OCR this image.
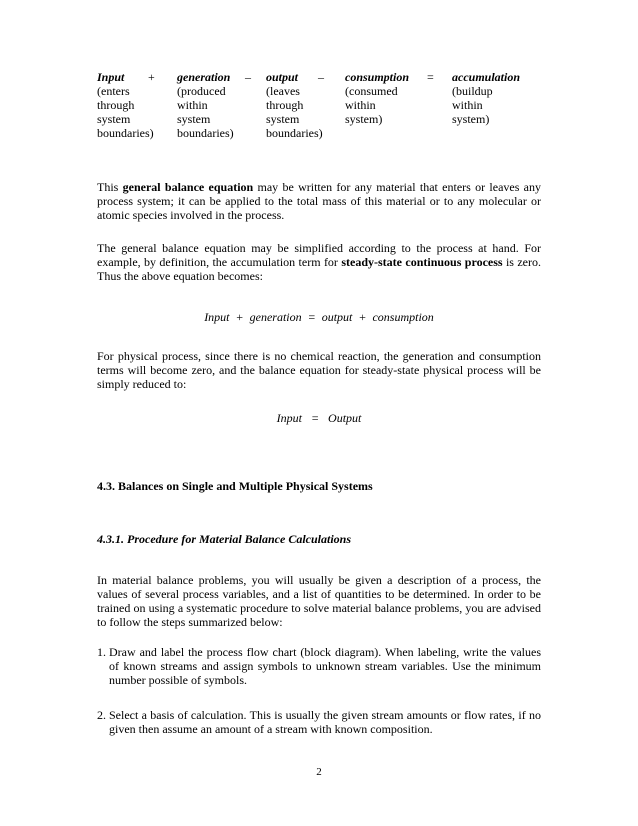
Input
(enters
through
system
boundaries)
+ generation
(produced
within
system
boundaries)
– output
(leaves
through
system
boundaries)
– consumption
(consumed
within
system)
= accumulation
(buildup
within
system)

This general balance equation may be written for any material that enters or leaves any process system; it can be applied to the total mass of this material or to any molecular or atomic species involved in the process.

The general balance equation may be simplified according to the process at hand. For example, by definition, the accumulation term for steady-state continuous process is zero. Thus the above equation becomes:

Input  +  generation  =  output  +  consumption

For physical process, since there is no chemical reaction, the generation and consumption terms will become zero, and the balance equation for steady-state physical process will be simply reduced to:

Input   =   Output
4.3. Balances on Single and Multiple Physical Systems
4.3.1. Procedure for Material Balance Calculations

In material balance problems, you will usually be given a description of a process, the values of several process variables, and a list of quantities to be determined. In order to be trained on using a systematic procedure to solve material balance problems, you are advised to follow the steps summarized below:

1. Draw and label the process flow chart (block diagram). When labeling, write the values of known streams and assign symbols to unknown stream variables. Use the minimum number possible of symbols.
2. Select a basis of calculation. This is usually the given stream amounts or flow rates, if no given then assume an amount of a stream with known composition.
2
